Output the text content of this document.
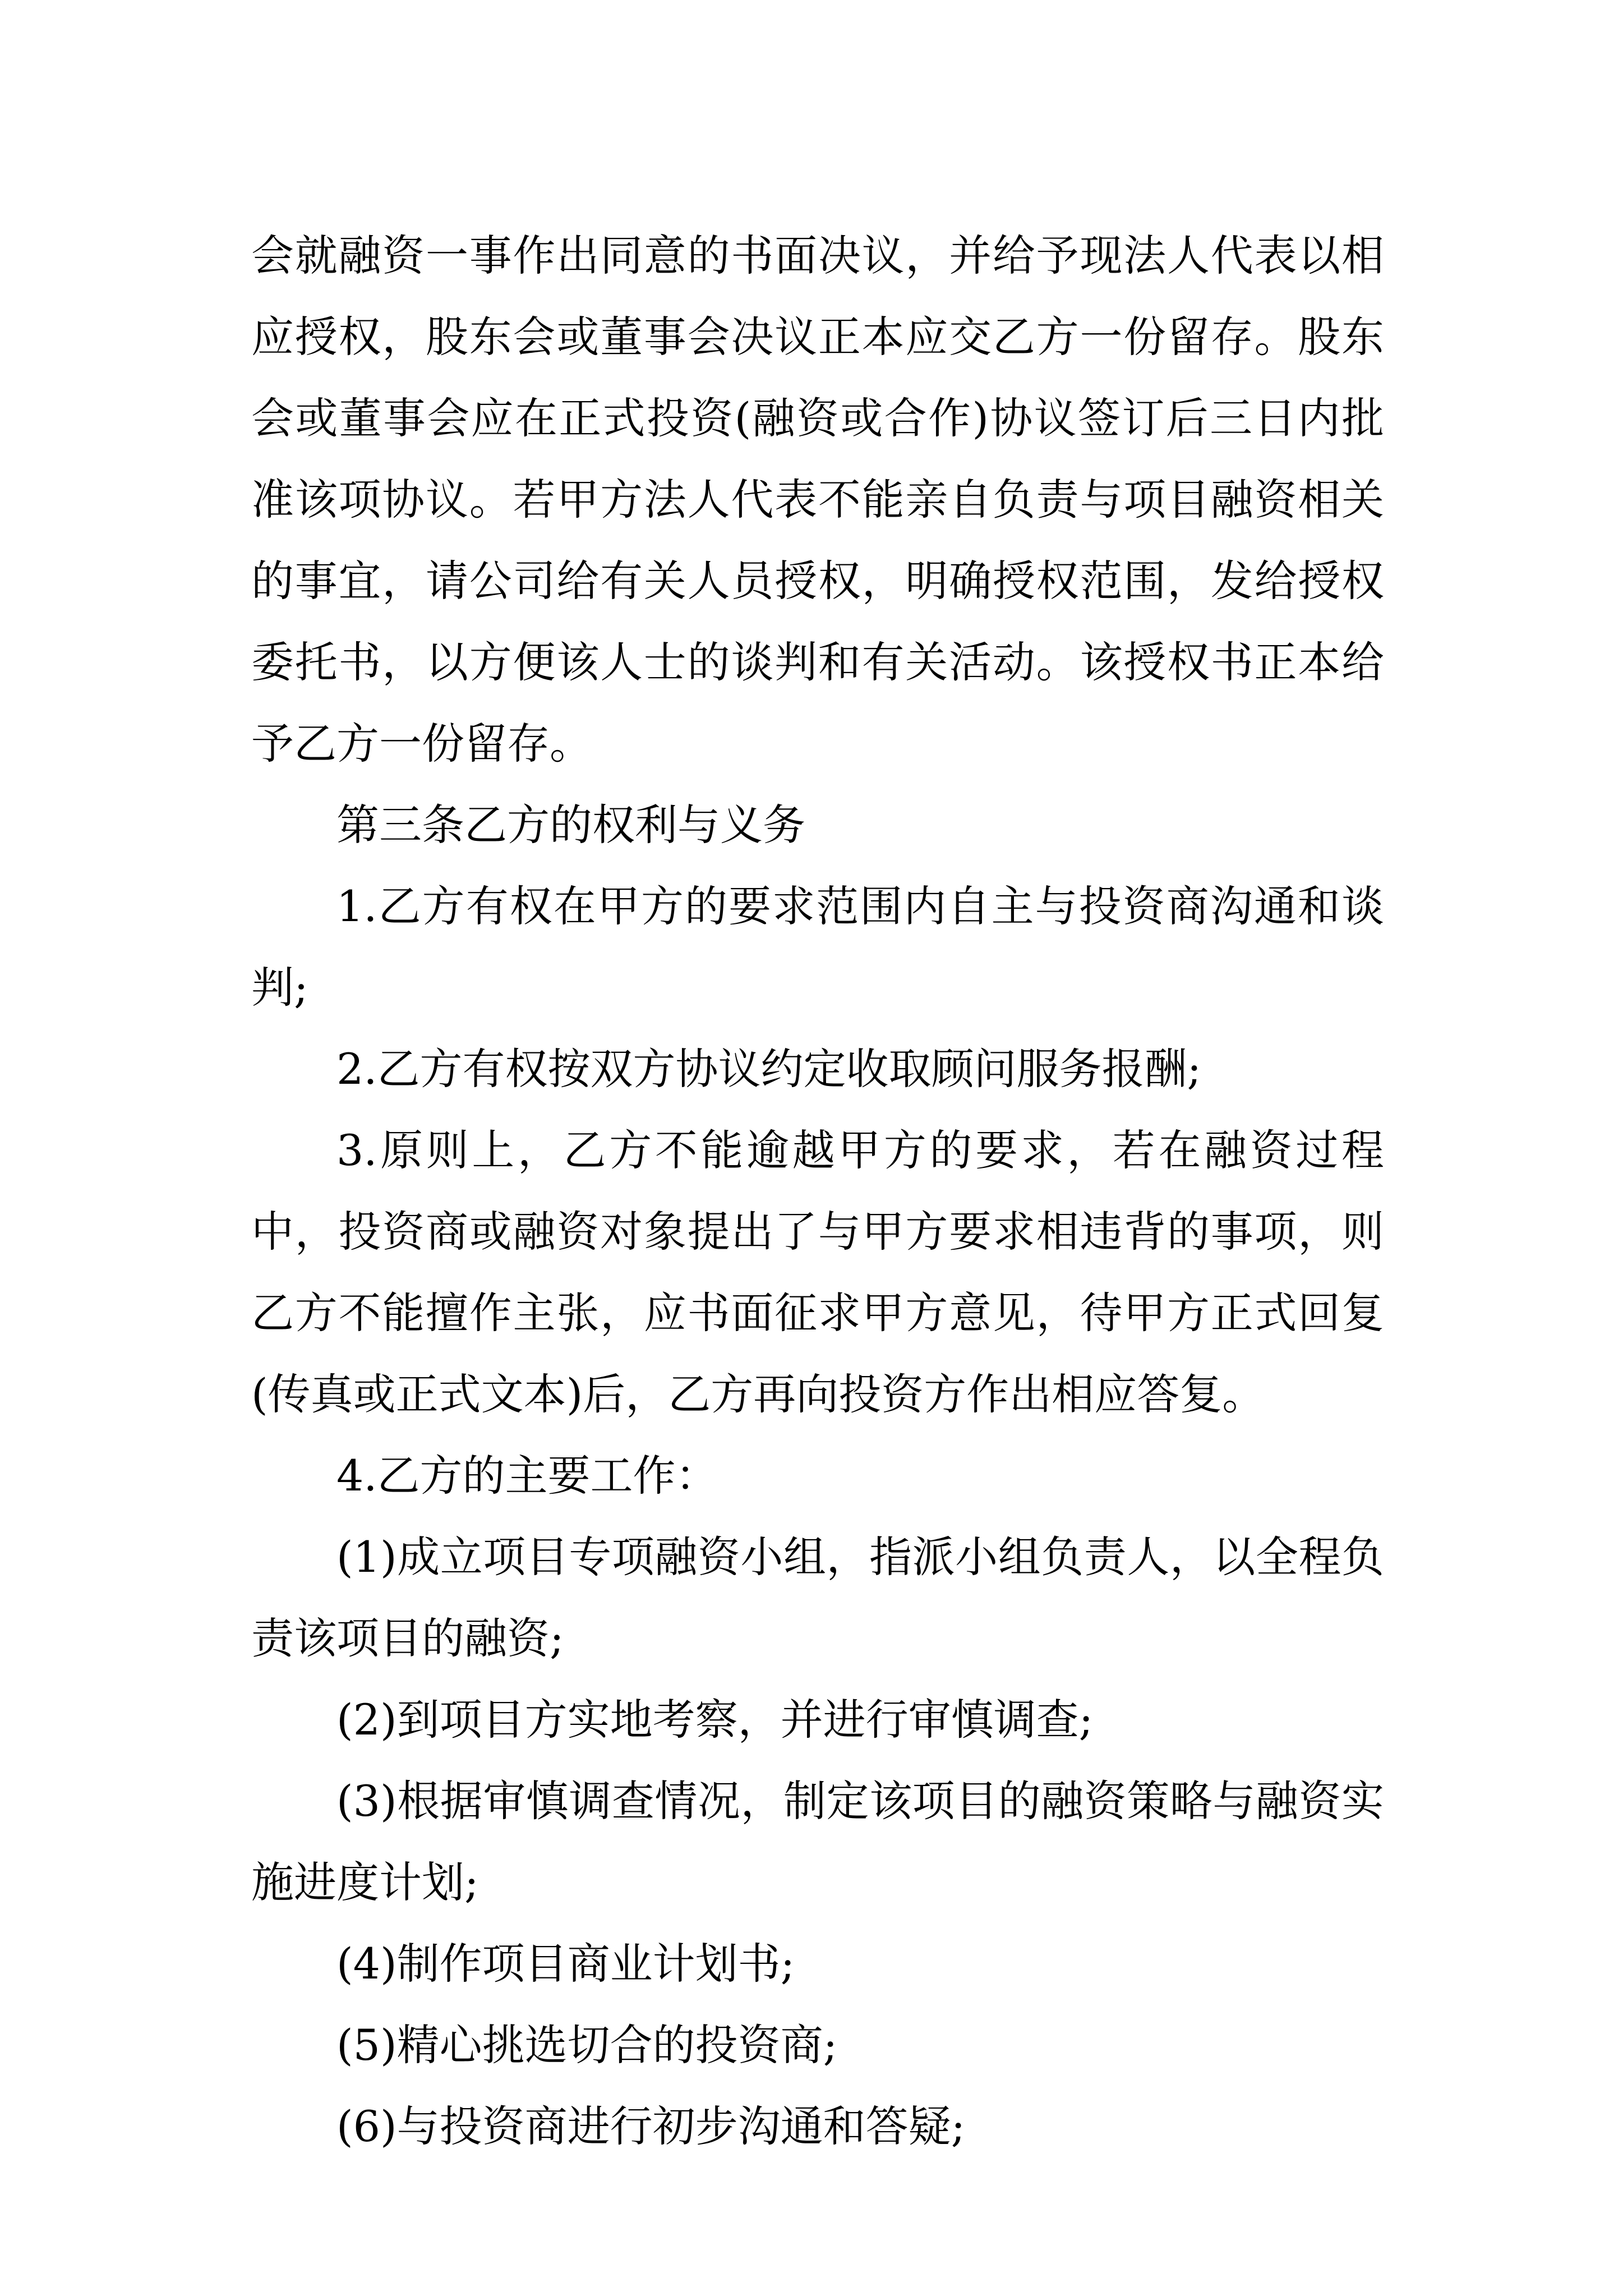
会就融资一事作出同意的书面决议，并给予现法人代表以相应授权，股东会或董事会决议正本应交乙方一份留存。股东会或董事会应在正式投资(融资或合作)协议签订后三日内批准该项协议。若甲方法人代表不能亲自负责与项目融资相关的事宜，请公司给有关人员授权，明确授权范围，发给授权委托书，以方便该人士的谈判和有关活动。该授权书正本给予乙方一份留存。

第三条乙方的权利与义务

1.乙方有权在甲方的要求范围内自主与投资商沟通和谈判;

2.乙方有权按双方协议约定收取顾问服务报酬;

3.原则上，乙方不能逾越甲方的要求，若在融资过程中，投资商或融资对象提出了与甲方要求相违背的事项，则乙方不能擅作主张，应书面征求甲方意见，待甲方正式回复(传真或正式文本)后，乙方再向投资方作出相应答复。

4.乙方的主要工作：

(1)成立项目专项融资小组，指派小组负责人，以全程负责该项目的融资;

(2)到项目方实地考察，并进行审慎调查;

(3)根据审慎调查情况，制定该项目的融资策略与融资实施进度计划;

(4)制作项目商业计划书;

(5)精心挑选切合的投资商;

(6)与投资商进行初步沟通和答疑;
